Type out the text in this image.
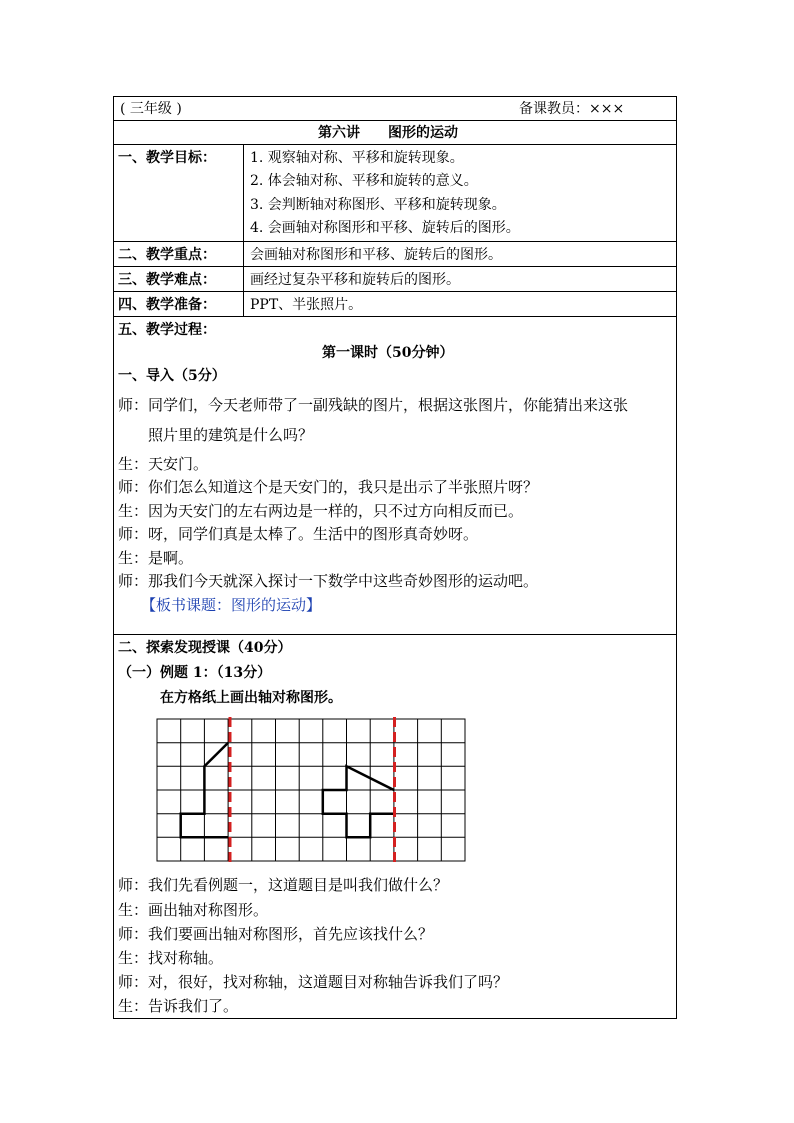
( 三年级 )	备课教员：×××
第六讲　　图形的运动
一、教学目标： 1. 观察轴对称、平移和旋转现象。
2. 体会轴对称、平移和旋转的意义。
3. 会判断轴对称图形、平移和旋转现象。
4. 会画轴对称图形和平移、旋转后的图形。
二、教学重点： 会画轴对称图形和平移、旋转后的图形。
三、教学难点： 画经过复杂平移和旋转后的图形。
四、教学准备： PPT、半张照片。
五、教学过程：
第一课时（50分钟）
一、导入（5分）
师：同学们，今天老师带了一副残缺的图片，根据这张图片，你能猜出来这张
照片里的建筑是什么吗？
生：天安门。
师：你们怎么知道这个是天安门的，我只是出示了半张照片呀？
生：因为天安门的左右两边是一样的，只不过方向相反而已。
师：呀，同学们真是太棒了。生活中的图形真奇妙呀。
生：是啊。
师：那我们今天就深入探讨一下数学中这些奇妙图形的运动吧。
【板书课题：图形的运动】
二、探索发现授课（40分）
（一）例题 1：（13分）
在方格纸上画出轴对称图形。
师：我们先看例题一，这道题目是叫我们做什么？
生：画出轴对称图形。
师：我们要画出轴对称图形，首先应该找什么？
生：找对称轴。
师：对，很好，找对称轴，这道题目对称轴告诉我们了吗？
生：告诉我们了。
